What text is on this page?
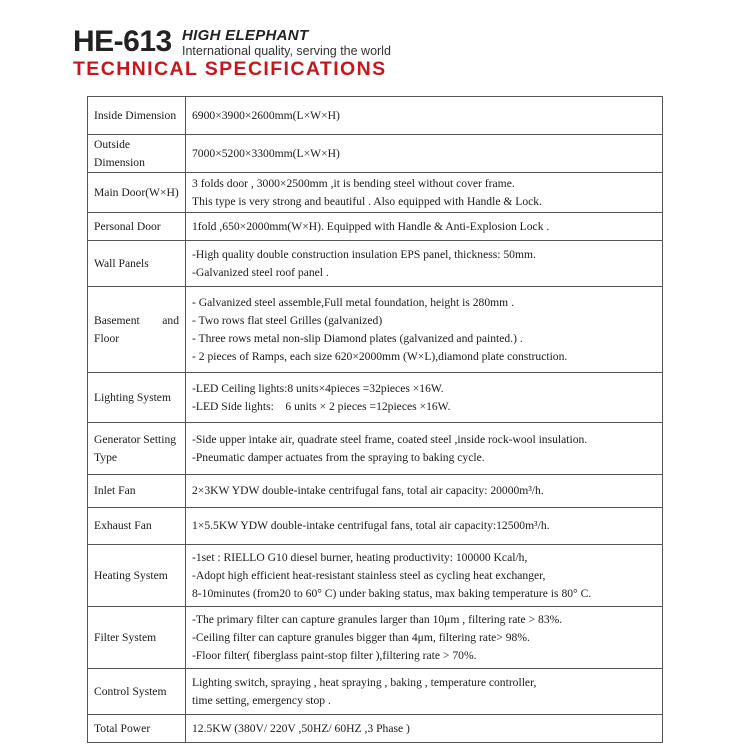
HE-613 HIGH ELEPHANT
International quality, serving the world
TECHNICAL SPECIFICATIONS
Inside Dimension	6900×3900×2600mm(L×W×H)

Outside Dimension	7000×5200×3300mm(L×W×H)

Main Door(W×H)	3 folds door , 3000×2500mm ,it is bending steel without cover frame.
This type is very strong and beautiful . Also equipped with Handle & Lock.

Personal Door	1fold ,650×2000mm(W×H). Equipped with Handle & Anti-Explosion Lock .

Wall Panels	-High quality double construction insulation EPS panel, thickness: 50mm.
-Galvanized steel roof panel .

Basement and Floor	- Galvanized steel assemble,Full metal foundation, height is 280mm .
- Two rows flat steel Grilles (galvanized)
- Three rows metal non-slip Diamond plates (galvanized and painted.) .
- 2 pieces of Ramps, each size 620×2000mm (W×L),diamond plate construction.

Lighting System	-LED Ceiling lights:8 units×4pieces =32pieces ×16W.
-LED Side lights:    6 units × 2 pieces =12pieces ×16W.

Generator Setting Type	-Side upper intake air, quadrate steel frame, coated steel ,inside rock-wool insulation.
-Pneumatic damper actuates from the spraying to baking cycle.

Inlet Fan	2×3KW YDW double-intake centrifugal fans, total air capacity: 20000m³/h.

Exhaust Fan	1×5.5KW YDW double-intake centrifugal fans, total air capacity:12500m³/h.

Heating System	-1set : RIELLO G10 diesel burner, heating productivity: 100000 Kcal/h,
-Adopt high efficient heat-resistant stainless steel as cycling heat exchanger,
8-10minutes (from20 to 60° C) under baking status, max baking temperature is 80° C.

Filter System	-The primary filter can capture granules larger than 10μm , filtering rate > 83%.
-Ceiling filter can capture granules bigger than 4μm, filtering rate> 98%.
-Floor filter( fiberglass paint-stop filter ),filtering rate > 70%.

Control System	Lighting switch, spraying , heat spraying , baking , temperature controller,
time setting, emergency stop .

Total Power	12.5KW (380V/ 220V ,50HZ/ 60HZ ,3 Phase )
